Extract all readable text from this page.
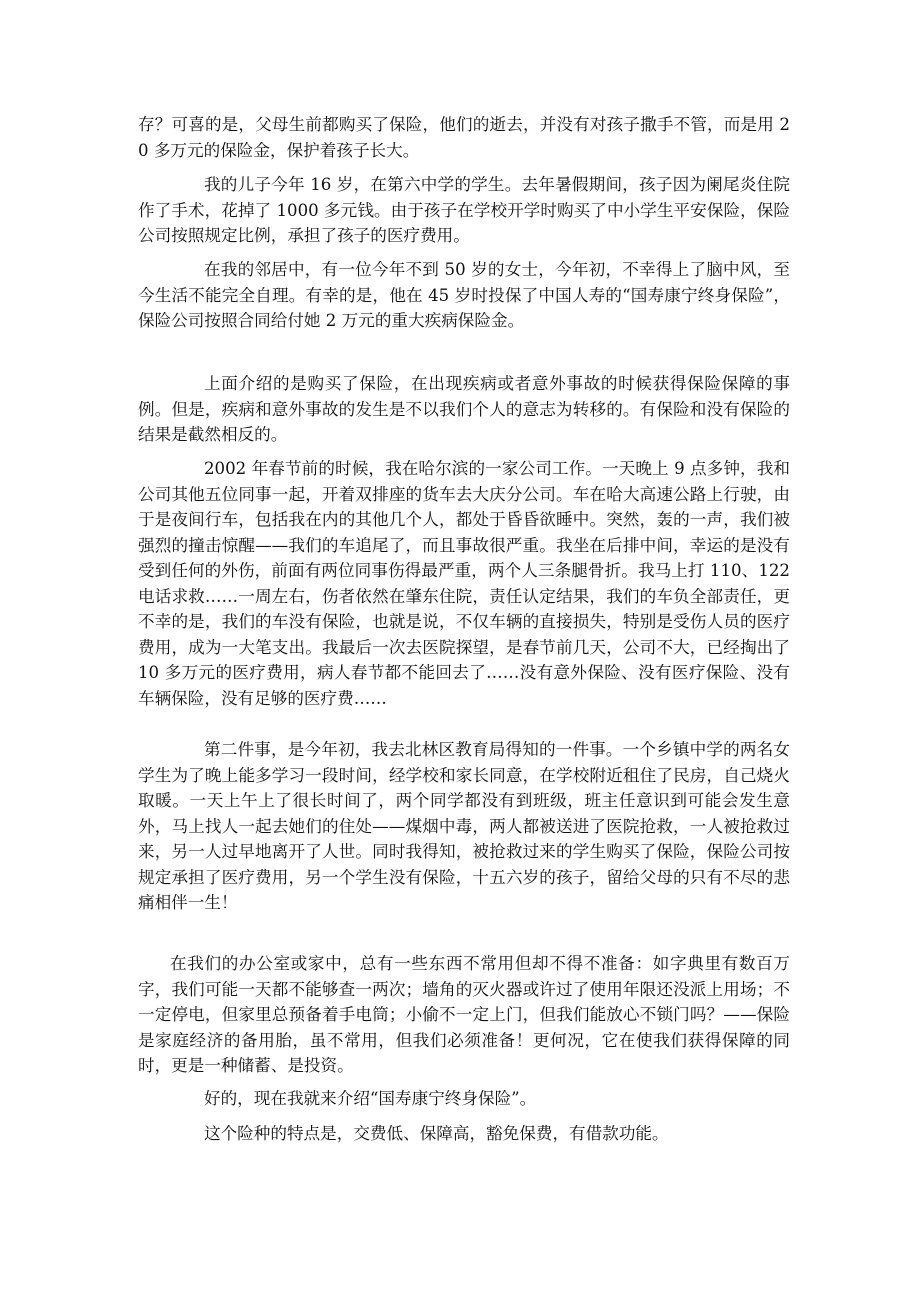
存？可喜的是，父母生前都购买了保险，他们的逝去，并没有对孩子撒手不管，而是用 20 多万元的保险金，保护着孩子长大。

我的儿子今年 16 岁，在第六中学的学生。去年暑假期间，孩子因为阑尾炎住院作了手术，花掉了 1000 多元钱。由于孩子在学校开学时购买了中小学生平安保险，保险公司按照规定比例，承担了孩子的医疗费用。

在我的邻居中，有一位今年不到 50 岁的女士，今年初，不幸得上了脑中风，至今生活不能完全自理。有幸的是，他在 45 岁时投保了中国人寿的“国寿康宁终身保险”，保险公司按照合同给付她 2 万元的重大疾病保险金。

上面介绍的是购买了保险，在出现疾病或者意外事故的时候获得保险保障的事例。但是，疾病和意外事故的发生是不以我们个人的意志为转移的。有保险和没有保险的结果是截然相反的。

2002 年春节前的时候，我在哈尔滨的一家公司工作。一天晚上 9 点多钟，我和公司其他五位同事一起，开着双排座的货车去大庆分公司。车在哈大高速公路上行驶，由于是夜间行车，包括我在内的其他几个人，都处于昏昏欲睡中。突然，轰的一声，我们被强烈的撞击惊醒——我们的车追尾了，而且事故很严重。我坐在后排中间，幸运的是没有受到任何的外伤，前面有两位同事伤得最严重，两个人三条腿骨折。我马上打 110、122 电话求救……一周左右，伤者依然在肇东住院，责任认定结果，我们的车负全部责任，更不幸的是，我们的车没有保险，也就是说，不仅车辆的直接损失，特别是受伤人员的医疗费用，成为一大笔支出。我最后一次去医院探望，是春节前几天，公司不大，已经掏出了 10 多万元的医疗费用，病人春节都不能回去了……没有意外保险、没有医疗保险、没有车辆保险，没有足够的医疗费……

第二件事，是今年初，我去北林区教育局得知的一件事。一个乡镇中学的两名女学生为了晚上能多学习一段时间，经学校和家长同意，在学校附近租住了民房，自己烧火取暖。一天上午上了很长时间了，两个同学都没有到班级，班主任意识到可能会发生意外，马上找人一起去她们的住处——煤烟中毒，两人都被送进了医院抢救，一人被抢救过来，另一人过早地离开了人世。同时我得知，被抢救过来的学生购买了保险，保险公司按规定承担了医疗费用，另一个学生没有保险，十五六岁的孩子，留给父母的只有不尽的悲痛相伴一生！

在我们的办公室或家中，总有一些东西不常用但却不得不准备：如字典里有数百万字，我们可能一天都不能够查一两次；墙角的灭火器或许过了使用年限还没派上用场；不一定停电，但家里总预备着手电筒；小偷不一定上门，但我们能放心不锁门吗？——保险是家庭经济的备用胎，虽不常用，但我们必须准备！更何况，它在使我们获得保障的同时，更是一种储蓄、是投资。

好的，现在我就来介绍“国寿康宁终身保险”。

这个险种的特点是，交费低、保障高，豁免保费，有借款功能。
